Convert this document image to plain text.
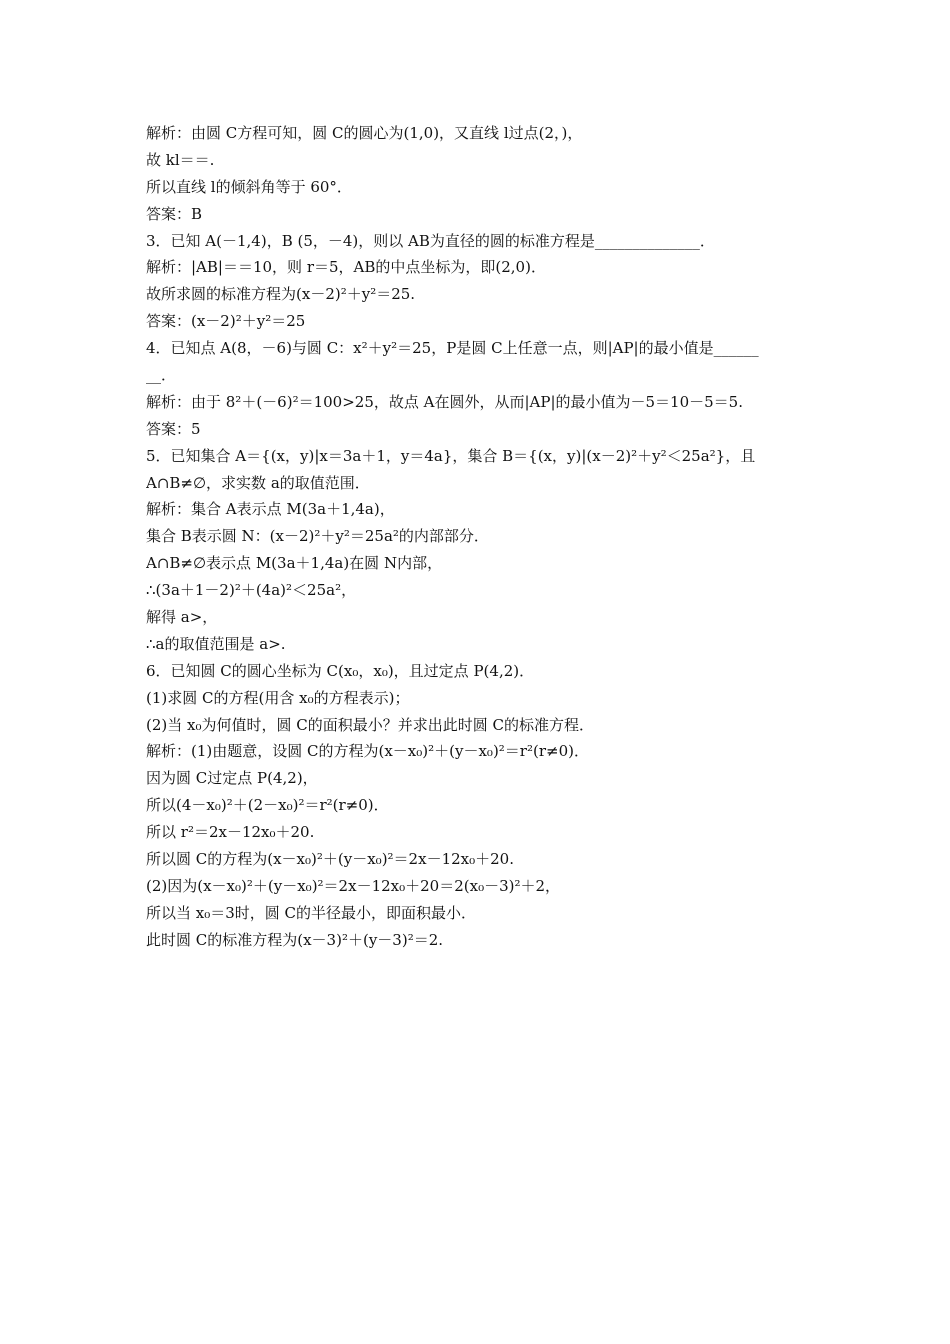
解析：由圆 C方程可知，圆 C的圆心为(1,0)，又直线 l过点(2，)，
故 kl＝＝.
所以直线 l的倾斜角等于 60°．
答案：B
3．已知 A(－1,4)，B (5，－4)，则以 AB为直径的圆的标准方程是______________．
解析：|AB|＝＝10，则 r＝5，AB的中点坐标为，即(2,0)．
故所求圆的标准方程为(x－2)²＋y²＝25.
答案：(x－2)²＋y²＝25
4．已知点 A(8，－6)与圆 C：x²＋y²＝25，P是圆 C上任意一点，则|AP|的最小值是______
__．
解析：由于 8²＋(－6)²＝100>25，故点 A在圆外，从而|AP|的最小值为－5＝10－5＝5.
答案：5
5．已知集合 A＝{(x，y)|x＝3a＋1，y＝4a}，集合 B＝{(x，y)|(x－2)²＋y²＜25a²}，且
A∩B≠∅，求实数 a的取值范围．
解析：集合 A表示点 M(3a＋1,4a)，
集合 B表示圆 N：(x－2)²＋y²＝25a²的内部部分．
A∩B≠∅表示点 M(3a＋1,4a)在圆 N内部，
∴(3a＋1－2)²＋(4a)²＜25a²，
解得 a>，
∴a的取值范围是 a>.
6．已知圆 C的圆心坐标为 C(x₀，x₀)，且过定点 P(4,2)．
(1)求圆 C的方程(用含 x₀的方程表示)；
(2)当 x₀为何值时，圆 C的面积最小？并求出此时圆 C的标准方程．
解析：(1)由题意，设圆 C的方程为(x－x₀)²＋(y－x₀)²＝r²(r≠0)．
因为圆 C过定点 P(4,2)，
所以(4－x₀)²＋(2－x₀)²＝r²(r≠0)．
所以 r²＝2x－12x₀＋20.
所以圆 C的方程为(x－x₀)²＋(y－x₀)²＝2x－12x₀＋20.
(2)因为(x－x₀)²＋(y－x₀)²＝2x－12x₀＋20＝2(x₀－3)²＋2，
所以当 x₀＝3时，圆 C的半径最小，即面积最小．
此时圆 C的标准方程为(x－3)²＋(y－3)²＝2.
